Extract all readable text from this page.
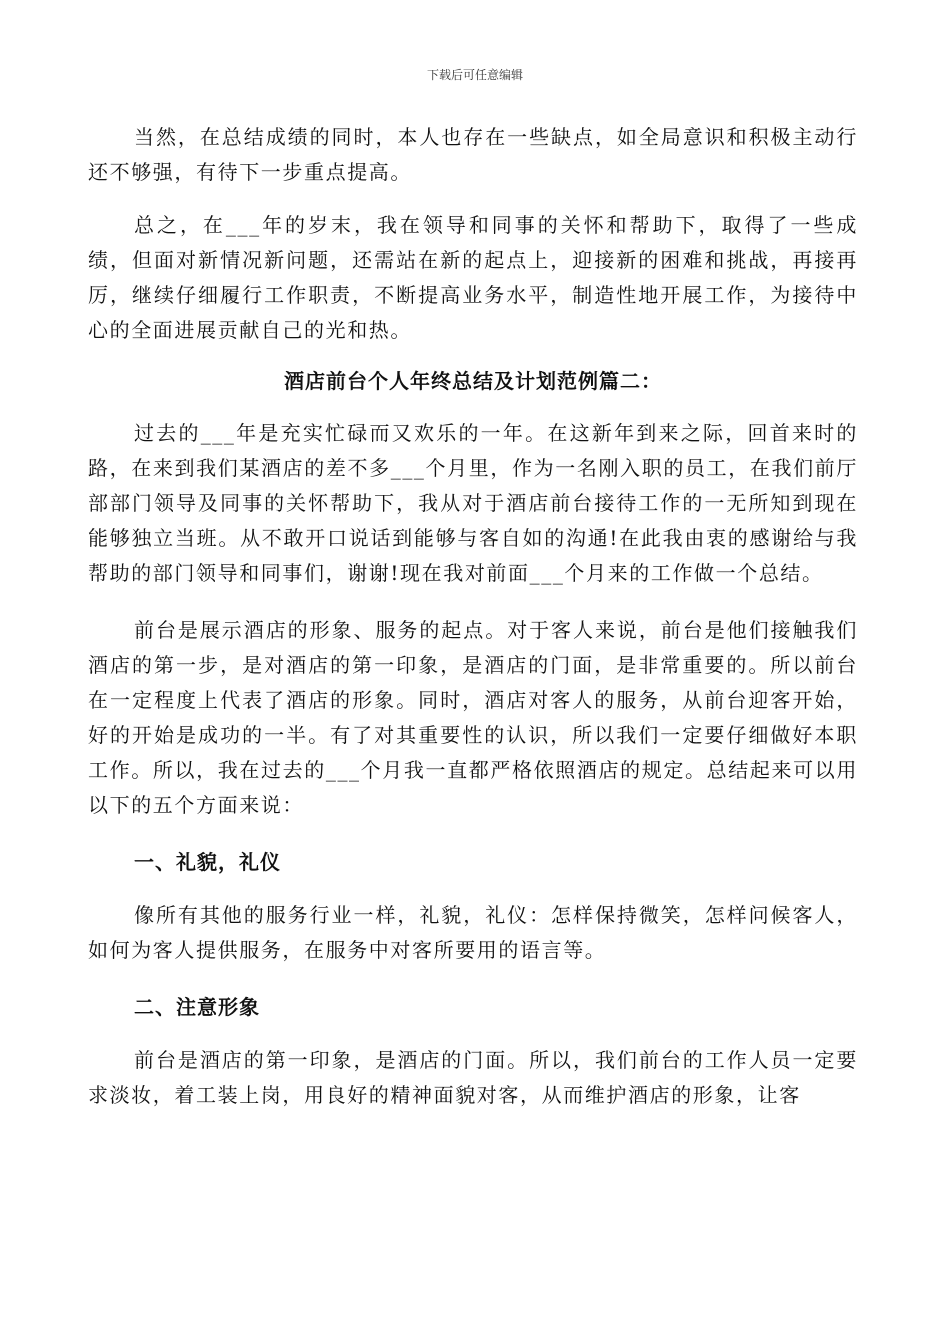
下载后可任意编辑

当然，在总结成绩的同时，本人也存在一些缺点，如全局意识和积极主动行还不够强，有待下一步重点提高。

总之，在___年的岁末，我在领导和同事的关怀和帮助下，取得了一些成绩，但面对新情况新问题，还需站在新的起点上，迎接新的困难和挑战，再接再厉，继续仔细履行工作职责，不断提高业务水平，制造性地开展工作，为接待中心的全面进展贡献自己的光和热。

酒店前台个人年终总结及计划范例篇二：

过去的___年是充实忙碌而又欢乐的一年。在这新年到来之际，回首来时的路，在来到我们某酒店的差不多___个月里，作为一名刚入职的员工，在我们前厅部部门领导及同事的关怀帮助下，我从对于酒店前台接待工作的一无所知到现在能够独立当班。从不敢开口说话到能够与客自如的沟通!在此我由衷的感谢给与我帮助的部门领导和同事们，谢谢!现在我对前面___个月来的工作做一个总结。

前台是展示酒店的形象、服务的起点。对于客人来说，前台是他们接触我们酒店的第一步，是对酒店的第一印象，是酒店的门面，是非常重要的。所以前台在一定程度上代表了酒店的形象。同时，酒店对客人的服务，从前台迎客开始，好的开始是成功的一半。有了对其重要性的认识，所以我们一定要仔细做好本职工作。所以，我在过去的___个月我一直都严格依照酒店的规定。总结起来可以用以下的五个方面来说：

一、礼貌，礼仪

像所有其他的服务行业一样，礼貌，礼仪：怎样保持微笑，怎样问候客人，如何为客人提供服务，在服务中对客所要用的语言等。

二、注意形象

前台是酒店的第一印象，是酒店的门面。所以，我们前台的工作人员一定要求淡妆，着工装上岗，用良好的精神面貌对客，从而维护酒店的形象，让客
